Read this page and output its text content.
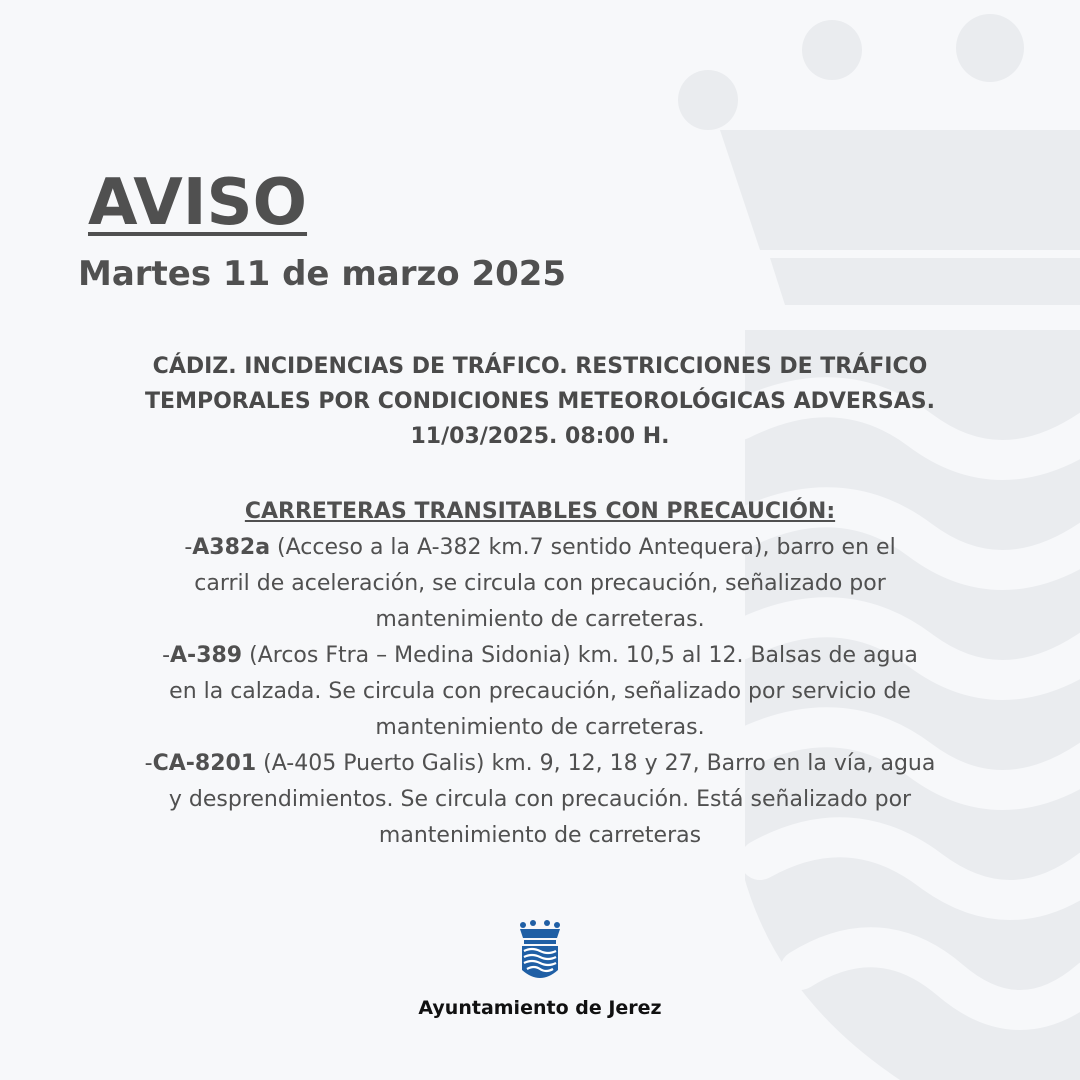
AVISO
Martes 11 de marzo 2025
CÁDIZ. INCIDENCIAS DE TRÁFICO. RESTRICCIONES DE TRÁFICO
TEMPORALES POR CONDICIONES METEOROLÓGICAS ADVERSAS.
11/03/2025. 08:00 H.
CARRETERAS TRANSITABLES CON PRECAUCIÓN:
-A382a (Acceso a la A-382 km.7 sentido Antequera), barro en el
carril de aceleración, se circula con precaución, señalizado por
mantenimiento de carreteras.
-A-389 (Arcos Ftra – Medina Sidonia) km. 10,5 al 12. Balsas de agua
en la calzada. Se circula con precaución, señalizado por servicio de
mantenimiento de carreteras.
-CA-8201 (A-405 Puerto Galis) km. 9, 12, 18 y 27, Barro en la vía, agua
y desprendimientos. Se circula con precaución. Está señalizado por
mantenimiento de carreteras
Ayuntamiento de Jerez
